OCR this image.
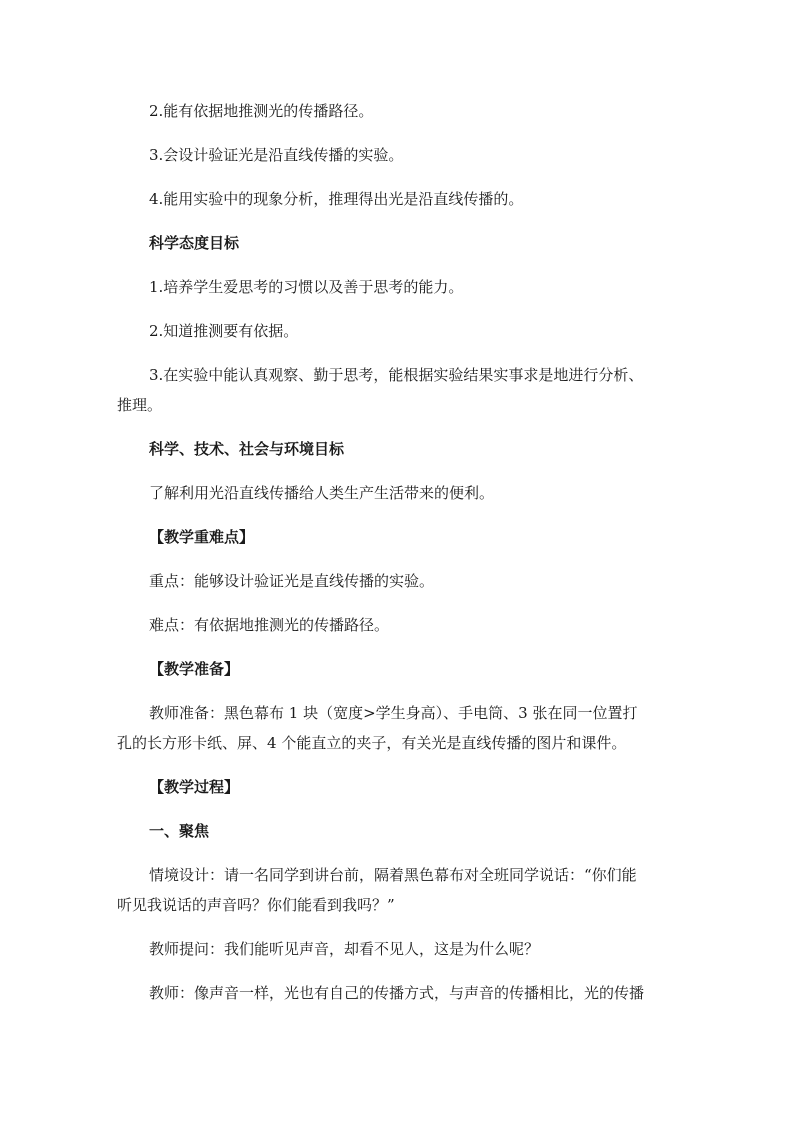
2.能有依据地推测光的传播路径。
3.会设计验证光是沿直线传播的实验。
4.能用实验中的现象分析，推理得出光是沿直线传播的。
科学态度目标
1.培养学生爱思考的习惯以及善于思考的能力。
2.知道推测要有依据。
3.在实验中能认真观察、勤于思考，能根据实验结果实事求是地进行分析、
推理。
科学、技术、社会与环境目标
了解利用光沿直线传播给人类生产生活带来的便利。
【教学重难点】
重点：能够设计验证光是直线传播的实验。
难点：有依据地推测光的传播路径。
【教学准备】
教师准备：黑色幕布 1 块（宽度>学生身高）、手电筒、3 张在同一位置打
孔的长方形卡纸、屏、4 个能直立的夹子，有关光是直线传播的图片和课件。
【教学过程】
一、聚焦
情境设计：请一名同学到讲台前，隔着黑色幕布对全班同学说话：“你们能
听见我说话的声音吗？你们能看到我吗？”
教师提问：我们能听见声音，却看不见人，这是为什么呢？
教师：像声音一样，光也有自己的传播方式，与声音的传播相比，光的传播
